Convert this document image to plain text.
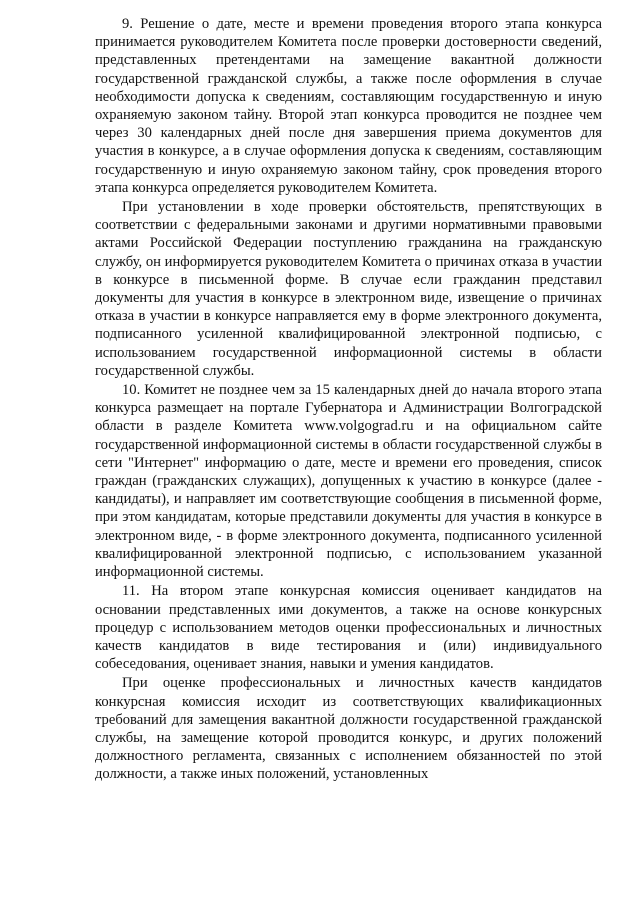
9. Решение о дате, месте и времени проведения второго этапа конкурса принимается руководителем Комитета после проверки достоверности сведений, представленных претендентами на замещение вакантной должности государственной гражданской службы, а также после оформления в случае необходимости допуска к сведениям, составляющим государственную и иную охраняемую законом тайну. Второй этап конкурса проводится не позднее чем через 30 календарных дней после дня завершения приема документов для участия в конкурсе, а в случае оформления допуска к сведениям, составляющим государственную и иную охраняемую законом тайну, срок проведения второго этапа конкурса определяется руководителем Комитета.

При установлении в ходе проверки обстоятельств, препятствующих в соответствии с федеральными законами и другими нормативными правовыми актами Российской Федерации поступлению гражданина на гражданскую службу, он информируется руководителем Комитета о причинах отказа в участии в конкурсе в письменной форме. В случае если гражданин представил документы для участия в конкурсе в электронном виде, извещение о причинах отказа в участии в конкурсе направляется ему в форме электронного документа, подписанного усиленной квалифицированной электронной подписью, с использованием государственной информационной системы в области государственной службы.

10. Комитет не позднее чем за 15 календарных дней до начала второго этапа конкурса размещает на портале Губернатора и Администрации Волгоградской области в разделе Комитета www.volgograd.ru и на официальном сайте государственной информационной системы в области государственной службы в сети "Интернет" информацию о дате, месте и времени его проведения, список граждан (гражданских служащих), допущенных к участию в конкурсе (далее - кандидаты), и направляет им соответствующие сообщения в письменной форме, при этом кандидатам, которые представили документы для участия в конкурсе в электронном виде, - в форме электронного документа, подписанного усиленной квалифицированной электронной подписью, с использованием указанной информационной системы.

11. На втором этапе конкурсная комиссия оценивает кандидатов на основании представленных ими документов, а также на основе конкурсных процедур с использованием методов оценки профессиональных и личностных качеств кандидатов в виде тестирования и (или) индивидуального собеседования, оценивает знания, навыки и умения кандидатов.

При оценке профессиональных и личностных качеств кандидатов конкурсная комиссия исходит из соответствующих квалификационных требований для замещения вакантной должности государственной гражданской службы, на замещение которой проводится конкурс, и других положений должностного регламента, связанных с исполнением обязанностей по этой должности, а также иных положений, установленных
